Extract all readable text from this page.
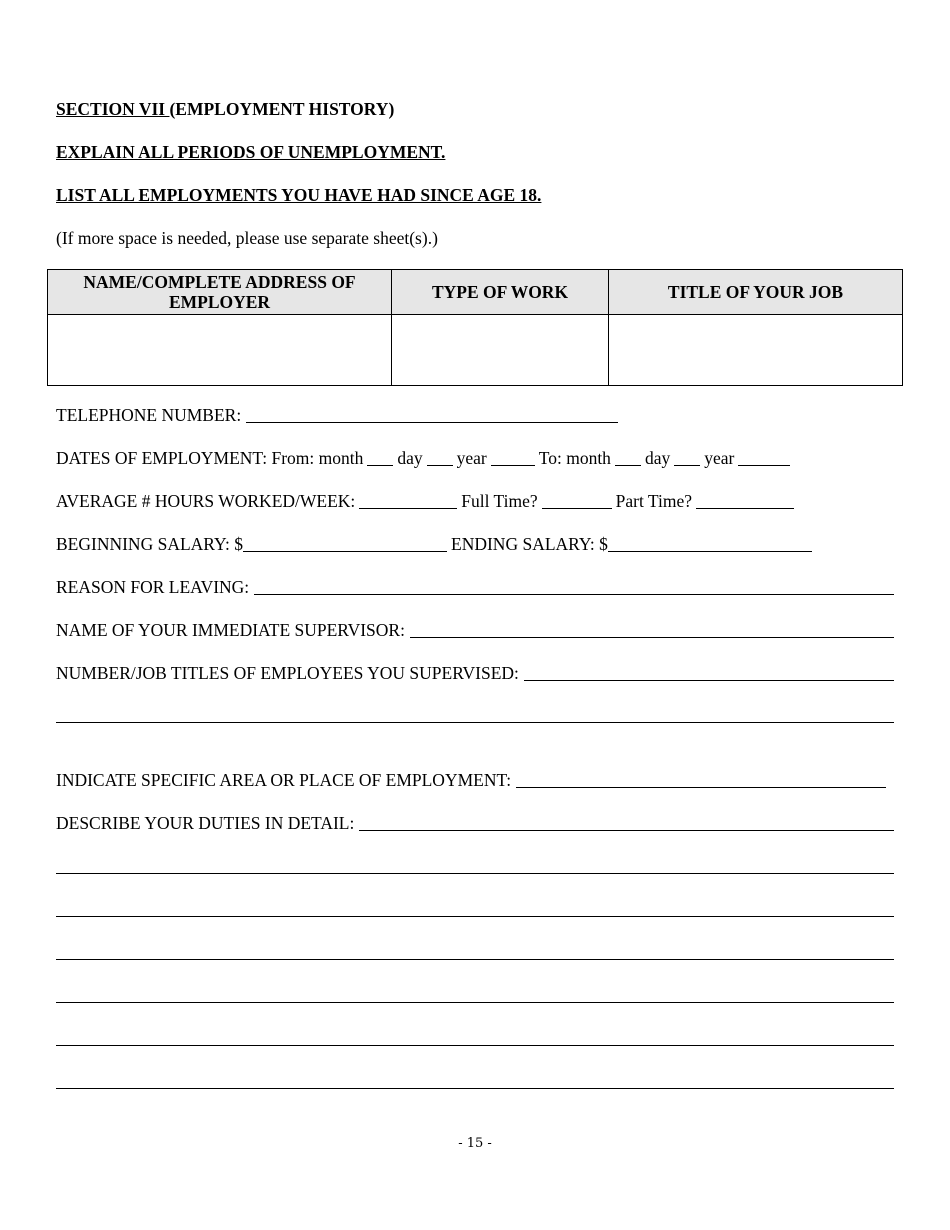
SECTION VII (EMPLOYMENT HISTORY)
EXPLAIN ALL PERIODS OF UNEMPLOYMENT.
LIST ALL EMPLOYMENTS YOU HAVE HAD SINCE AGE 18.
(If more space is needed, please use separate sheet(s).)
NAME/COMPLETE ADDRESS OF EMPLOYER	TYPE OF WORK	TITLE OF YOUR JOB

TELEPHONE NUMBER:
DATES OF EMPLOYMENT: From: month day year	To: month day year
AVERAGE # HOURS WORKED/WEEK:	Full Time?	Part Time?
BEGINNING SALARY: $	ENDING SALARY: $
REASON FOR LEAVING:
NAME OF YOUR IMMEDIATE SUPERVISOR:
NUMBER/JOB TITLES OF EMPLOYEES YOU SUPERVISED:
INDICATE SPECIFIC AREA OR PLACE OF EMPLOYMENT:
DESCRIBE YOUR DUTIES IN DETAIL:
- 15 -
